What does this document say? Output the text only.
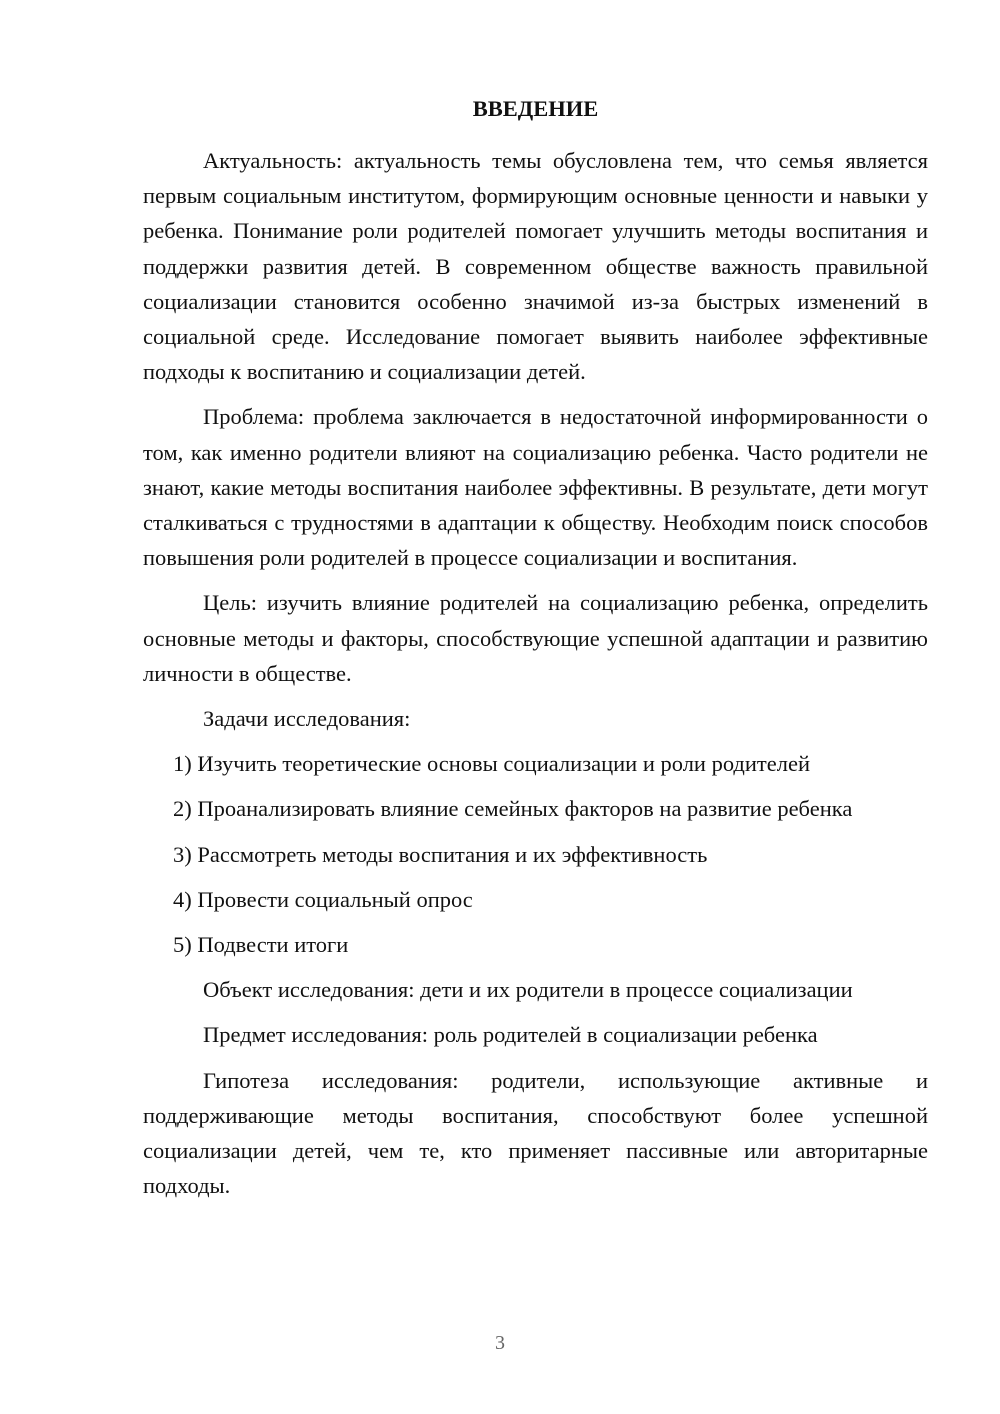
ВВЕДЕНИЕ

Актуальность: актуальность темы обусловлена тем, что семья является первым социальным институтом, формирующим основные ценности и навыки у ребенка. Понимание роли родителей помогает улучшить методы воспитания и поддержки развития детей. В современном обществе важность правильной социализации становится особенно значимой из-за быстрых изменений в социальной среде. Исследование помогает выявить наиболее эффективные подходы к воспитанию и социализации детей.

Проблема: проблема заключается в недостаточной информированности о том, как именно родители влияют на социализацию ребенка. Часто родители не знают, какие методы воспитания наиболее эффективны. В результате, дети могут сталкиваться с трудностями в адаптации к обществу. Необходим поиск способов повышения роли родителей в процессе социализации и воспитания.

Цель: изучить влияние родителей на социализацию ребенка, определить основные методы и факторы, способствующие успешной адаптации и развитию личности в обществе.

Задачи исследования:

1) Изучить теоретические основы социализации и роли родителей

2) Проанализировать влияние семейных факторов на развитие ребенка

3) Рассмотреть методы воспитания и их эффективность

4) Провести социальный опрос

5) Подвести итоги

Объект исследования: дети и их родители в процессе социализации

Предмет исследования: роль родителей в социализации ребенка

Гипотеза исследования: родители, использующие активные и поддерживающие методы воспитания, способствуют более успешной социализации детей, чем те, кто применяет пассивные или авторитарные подходы.

3
